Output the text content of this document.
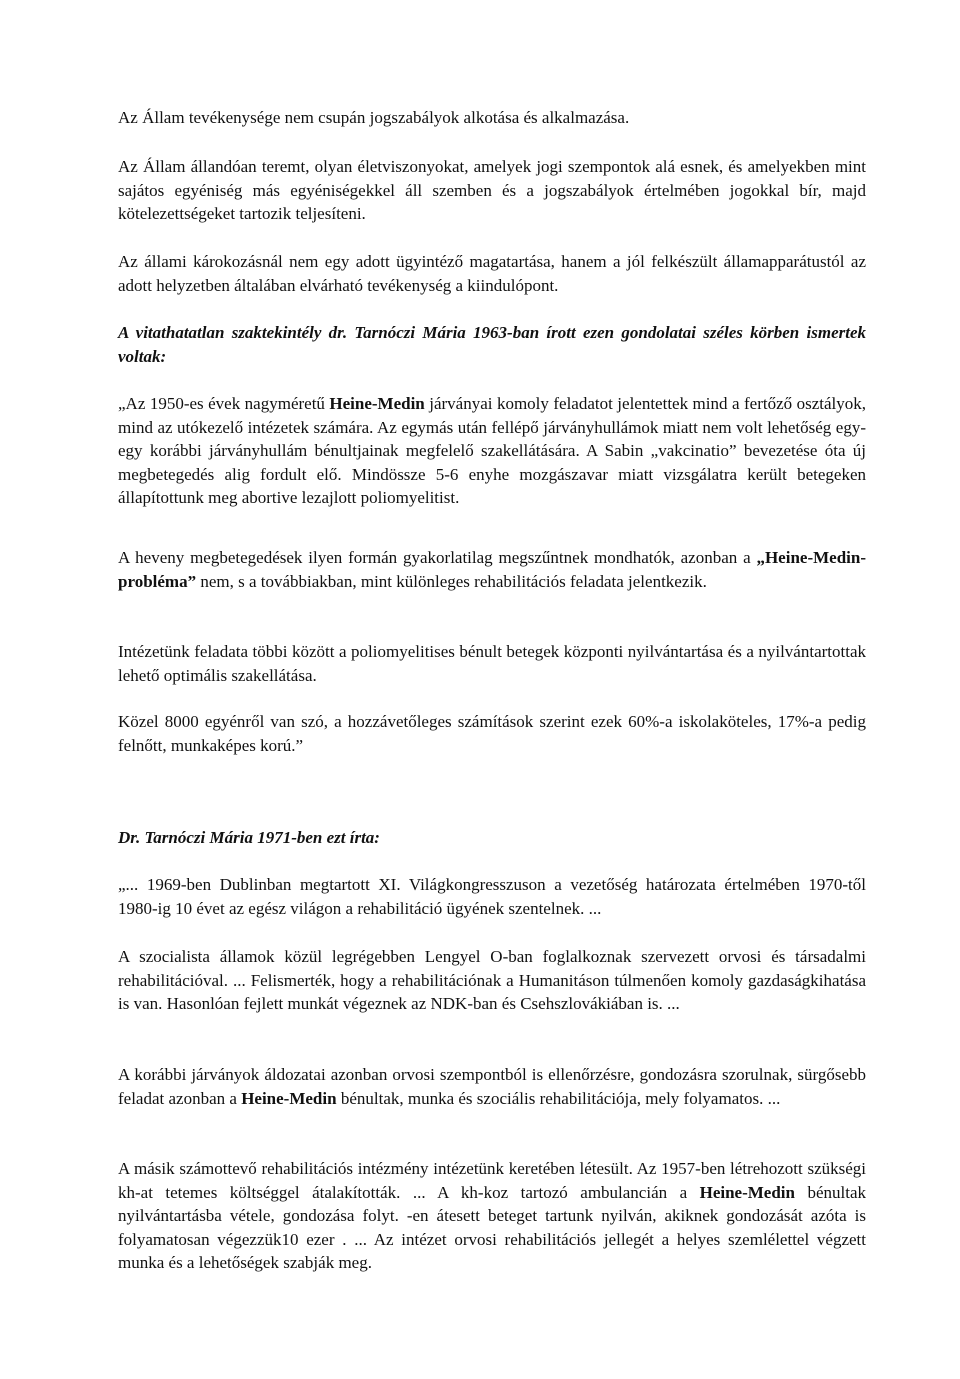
Az Állam tevékenysége nem csupán jogszabályok alkotása és alkalmazása.

Az Állam állandóan teremt, olyan életviszonyokat, amelyek jogi szempontok alá esnek, és amelyekben mint sajátos egyéniség más egyéniségekkel áll szemben és a jogszabályok értelmében jogokkal bír, majd kötelezettségeket tartozik teljesíteni.

Az állami károkozásnál nem egy adott ügyintéző magatartása, hanem a jól felkészült államapparátustól az adott helyzetben általában elvárható tevékenység a kiindulópont.

A vitathatatlan szaktekintély dr. Tarnóczi Mária 1963-ban írott ezen gondolatai széles körben ismertek voltak:

„Az 1950-es évek nagyméretű Heine-Medin járványai komoly feladatot jelentettek mind a fertőző osztályok, mind az utókezelő intézetek számára. Az egymás után fellépő járványhullámok miatt nem volt lehetőség egy-egy korábbi járványhullám bénultjainak megfelelő szakellátására. A Sabin „vakcinatio” bevezetése óta új megbetegedés alig fordult elő. Mindössze 5-6 enyhe mozgászavar miatt vizsgálatra került betegeken állapítottunk meg abortive lezajlott poliomyelitist.

A heveny megbetegedések ilyen formán gyakorlatilag megszűntnek mondhatók, azonban a „Heine-Medin-probléma” nem, s a továbbiakban, mint különleges rehabilitációs feladata jelentkezik.

Intézetünk feladata többi között a poliomyelitises bénult betegek központi nyilvántartása és a nyilvántartottak lehető optimális szakellátása.

Közel 8000 egyénről van szó, a hozzávetőleges számítások szerint ezek 60%-a iskolaköteles, 17%-a pedig felnőtt, munkaképes korú.”

Dr. Tarnóczi Mária 1971-ben ezt írta:

„... 1969-ben Dublinban megtartott XI. Világkongresszuson a vezetőség határozata értelmében 1970-től 1980-ig 10 évet az egész világon a rehabilitáció ügyének szentelnek. ...

A szocialista államok közül legrégebben Lengyel O-ban foglalkoznak szervezett orvosi és társadalmi rehabilitációval. ... Felismerték, hogy a rehabilitációnak a Humanitáson túlmenően komoly gazdaságkihatása is van. Hasonlóan fejlett munkát végeznek az NDK-ban és Csehszlovákiában is. ...

A korábbi járványok áldozatai azonban orvosi szempontból is ellenőrzésre, gondozásra szorulnak, sürgősebb feladat azonban a Heine-Medin bénultak, munka és szociális rehabilitációja, mely folyamatos. ...

A másik számottevő rehabilitációs intézmény intézetünk keretében létesült. Az 1957-ben létrehozott szükségi kh-at tetemes költséggel átalakították. ... A kh-koz tartozó ambulancián a Heine-Medin bénultak nyilvántartásba vétele, gondozása folyt. -en átesett beteget tartunk nyilván, akiknek gondozását azóta is folyamatosan végezzük10 ezer . ... Az intézet orvosi rehabilitációs jellegét a helyes szemlélettel végzett munka és a lehetőségek szabják meg.
